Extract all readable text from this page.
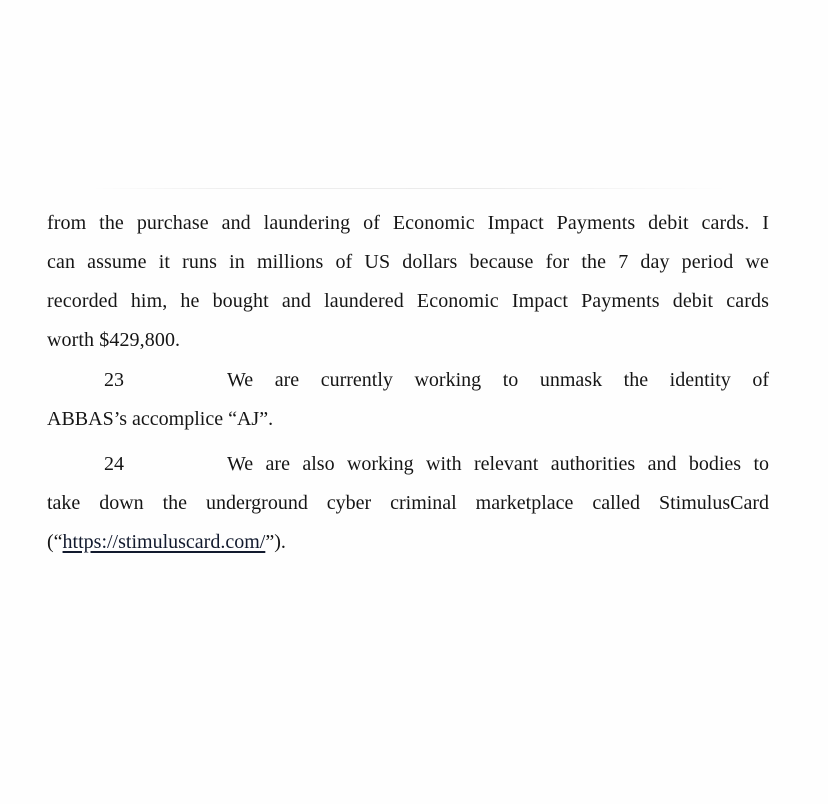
from the purchase and laundering of Economic Impact Payments debit cards. I
can assume it runs in millions of US dollars because for the 7 day period we
recorded him, he bought and laundered Economic Impact Payments debit cards
worth $429,800.
23	We are currently working to unmask the identity of
ABBAS’s accomplice “AJ”.
24	We are also working with relevant authorities and bodies to
take down the underground cyber criminal marketplace called StimulusCard
(“https://stimuluscard.com/”).
